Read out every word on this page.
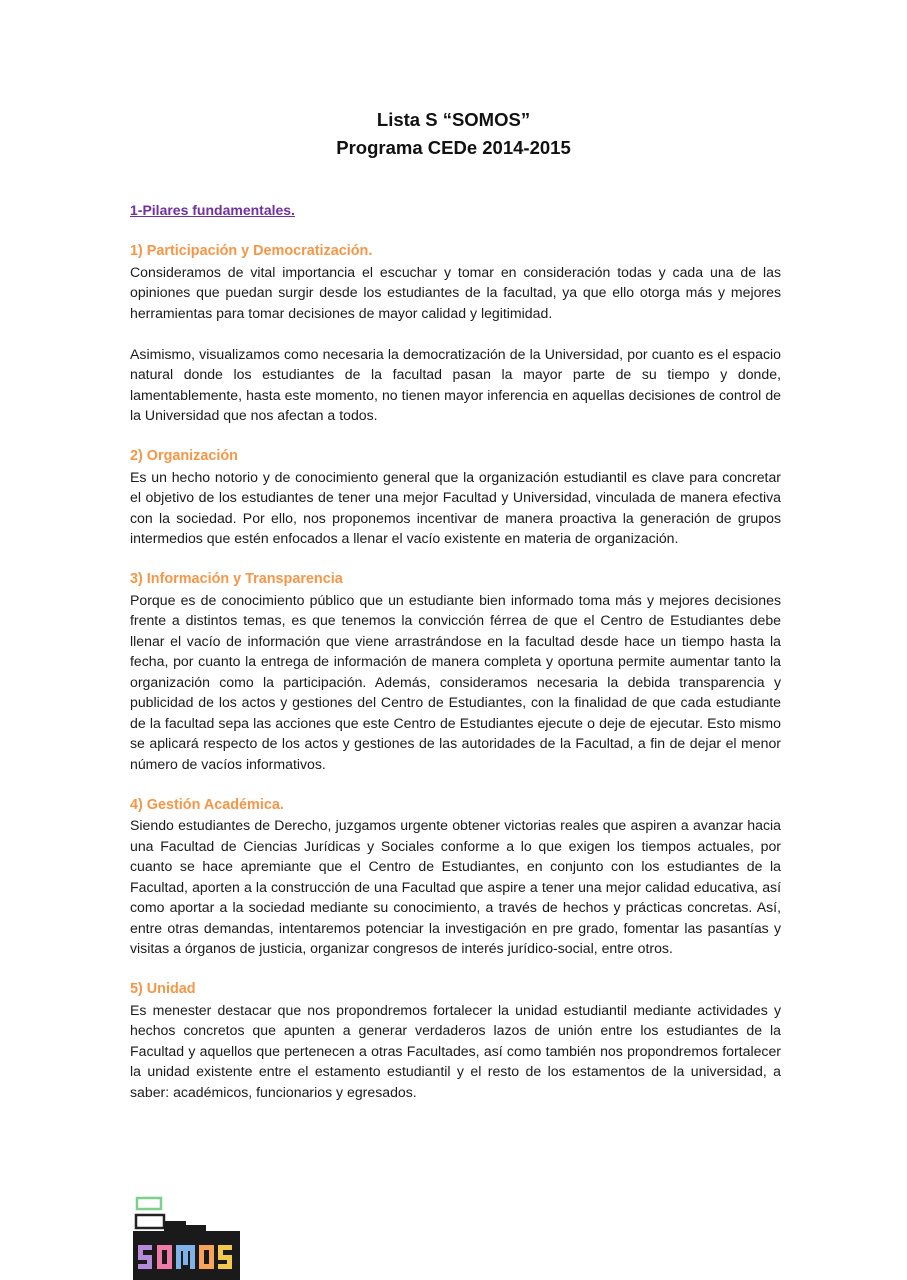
Lista S “SOMOS”
Programa CEDe 2014-2015
1-Pilares fundamentales.
1) Participación y Democratización.

Consideramos de vital importancia el escuchar y tomar en consideración todas y cada una de las opiniones que puedan surgir desde los estudiantes de la facultad, ya que ello otorga más y mejores herramientas para tomar decisiones de mayor calidad y legitimidad.

Asimismo, visualizamos como necesaria la democratización de la Universidad, por cuanto es el espacio natural donde los estudiantes de la facultad pasan la mayor parte de su tiempo y donde, lamentablemente, hasta este momento, no tienen mayor inferencia en aquellas decisiones de control de la Universidad que nos afectan a todos.

2) Organización

Es un hecho notorio y de conocimiento general que la organización estudiantil es clave para concretar el objetivo de los estudiantes de tener una mejor Facultad y Universidad, vinculada de manera efectiva con la sociedad. Por ello, nos proponemos incentivar de manera proactiva la generación de grupos intermedios que estén enfocados a llenar el vacío existente en materia de organización.

3) Información y Transparencia

Porque es de conocimiento público que un estudiante bien informado toma más y mejores decisiones frente a distintos temas, es que tenemos la convicción férrea de que el Centro de Estudiantes debe llenar el vacío de información que viene arrastrándose en la facultad desde hace un tiempo hasta la fecha, por cuanto la entrega de información de manera completa y oportuna permite aumentar tanto la organización como la participación. Además, consideramos necesaria la debida transparencia y publicidad de los actos y gestiones del Centro de Estudiantes, con la finalidad de que cada estudiante de la facultad sepa las acciones que este Centro de Estudiantes ejecute o deje de ejecutar. Esto mismo se aplicará respecto de los actos y gestiones de las autoridades de la Facultad, a fin de dejar el menor número de vacíos informativos.

4) Gestión Académica.

Siendo estudiantes de Derecho, juzgamos urgente obtener victorias reales que aspiren a avanzar hacia una Facultad de Ciencias Jurídicas y Sociales conforme a lo que exigen los tiempos actuales, por cuanto se hace apremiante que el Centro de Estudiantes, en conjunto con los estudiantes de la Facultad, aporten a la construcción de una Facultad que aspire a tener una mejor calidad educativa, así como aportar a la sociedad mediante su conocimiento, a través de hechos y prácticas concretas. Así, entre otras demandas, intentaremos potenciar la investigación en pre grado, fomentar las pasantías y visitas a órganos de justicia, organizar congresos de interés jurídico-social, entre otros.

5) Unidad

Es menester destacar que nos propondremos fortalecer la unidad estudiantil mediante actividades y hechos concretos que apunten a generar verdaderos lazos de unión entre los estudiantes de la Facultad y aquellos que pertenecen a otras Facultades, así como también nos propondremos fortalecer la unidad existente entre el estamento estudiantil y el resto de los estamentos de la universidad, a saber: académicos, funcionarios y egresados.
